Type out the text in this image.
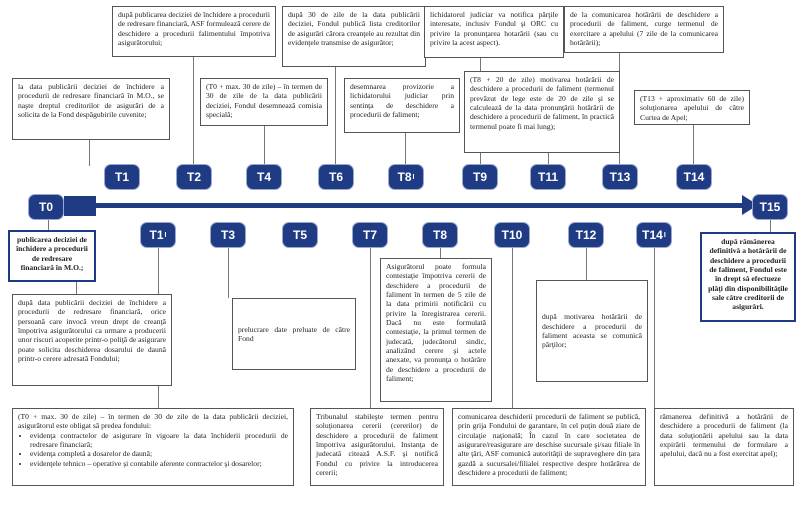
la data publicării deciziei de închidere a procedurii de redresare financiară în M.O., se naşte dreptul creditorilor de asigurări de a solicita de la Fond despăgubirile cuvenite;
după publicarea deciziei de închidere a procedurii de redresare financiară, ASF formulează cerere de deschidere a procedurii falimentului împotriva asigurătorului;
(T0 + max. 30 de zile) – în termen de 30 de zile de la data publicării deciziei, Fondul desemnează comisia specială;
după 30 de zile de la data publicării deciziei, Fondul publică lista creditorilor de asigurări cărora creanţele au rezultat din evidenţele transmise de asigurător;
desemnarea provizorie a lichidatorului judiciar prin sentinţa de deschidere a procedurii de faliment;
lichidatorul judiciar va notifica părţile interesate, inclusiv Fondul şi ORC cu privire la pronunţarea hotarârii (sau cu privire la acest aspect).
(T8 + 20 de zile) motivarea hotărârii de deschidere a procedurii de faliment (termenul prevăzut de lege este de 20 de zile şi se calculează de la data pronunţării hotărârii de deschidere a procedurii de faliment, în practică termenul poate fi mai lung);
de la comunicarea hotărârii de deschidere a procedurii de faliment, curge termenul de exercitare a apelului (7 zile de la comunicarea hotărârii);
(T13 + aproximativ 60 de zile) soluţionarea apelului de către Curtea de Apel;
T1	T2	T4	T6	T8 I	T9	T11	T13	T14
T0	T15
T1 I	T3	T5	T7	T8	T10	T12	T14 I
publicarea deciziei de închidere a procedurii de redresare financiară în M.O.;
după data publicării deciziei de închidere a procedurii de redresare financiară, orice persoană care invocă vreun drept de creanţă împotriva asigurătorului ca urmare a producerii unor riscuri acoperite printr-o poliţă de asigurare poate solicita deschiderea dosarului de daună printr-o cerere adresată Fondului;
(T0 + max. 30 de zile) – în termen de 30 de zile de la data publicării deciziei, asigurătorul este obligat să predea fondului:
• evidenţa contractelor de asigurare în vigoare la data închiderii procedurii de redresare financiară;
• evidenţa completă a dosarelor de daună;
• evidenţele tehnico – operative şi contabile aferente contractelor şi dosarelor;
prelucrare date preluate de către Fond
Tribunalul stabileşte termen pentru soluţionarea cererii (cererilor) de deschidere a procedurii de faliment împotriva asigurătorului. Instanţa de judecată citează A.S.F. şi notifică Fondul cu privire la introducerea cererii;
Asigurătorul poate formula contestaţie împotriva cererii de deschidere a procedurii de faliment în termen de 5 zile de la data primirii notificării cu privire la înregistrarea cererii. Dacă nu este formulată contestaţie, la primul termen de judecată, judecătorul sindic, analizând cerere şi actele anexate, va pronunţa o hotărâre de deschidere a procedurii de faliment;
comunicarea deschiderii procedurii de faliment se publică, prin grija Fondului de garantare, în cel puţin două ziare de circulaţie naţională; În cazul în care societatea de asigurare/reasigurare are deschise sucursale şi/sau filiale în alte ţări, ASF comunică autorităţii de supraveghere din ţara gazdă a sucursalei/filialei respective despre hotărârea de deschidere a procedurii de faliment;
după motivarea hotărârii de deschidere a procedurii de faliment aceasta se comunică părţilor;
rămanerea definitivă a hotărârii de deschidere a procedurii de faliment (la data soluţionării apelului sau la data expirării termenului de formulare a apelului, dacă nu a fost exercitat apel);
după rămânerea definitivă a hotărârii de deschidere a procedurii de faliment, Fondul este în drept să efectueze plăţi din disponibilităţile sale către creditorii de asigurări.
